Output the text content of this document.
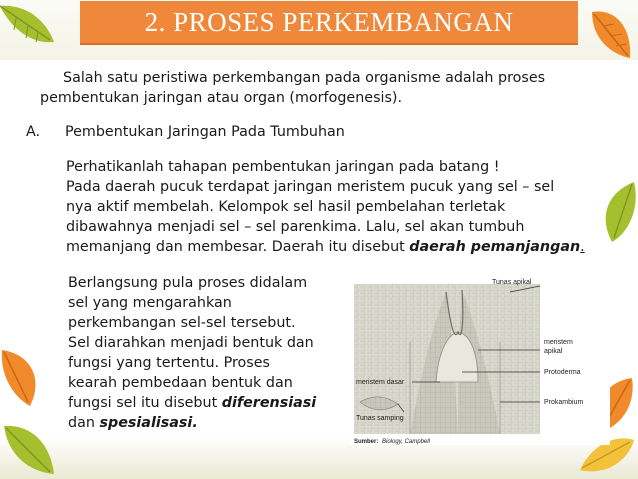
2. PROSES PERKEMBANGAN
Salah satu peristiwa perkembangan pada organisme adalah proses
pembentukan jaringan atau organ (morfogenesis).
A. Pembentukan Jaringan Pada Tumbuhan
Perhatikanlah tahapan pembentukan jaringan pada batang !
Pada daerah pucuk terdapat jaringan meristem pucuk yang sel – sel
nya aktif membelah. Kelompok sel hasil pembelahan terletak
dibawahnya menjadi sel – sel parenkima. Lalu, sel akan tumbuh
memanjang dan membesar. Daerah itu disebut daerah pemanjangan.
Berlangsung pula proses didalam
sel yang mengarahkan
perkembangan sel-sel tersebut.
Sel diarahkan menjadi bentuk dan
fungsi yang tertentu. Proses
kearah pembedaan bentuk dan
fungsi sel itu disebut diferensiasi
dan spesialisasi.
Tunas apikal
meristem
apikal
Protoderma
meristem dasar
Prokambium
Tunas samping
Sumber: Biology, Campbell
